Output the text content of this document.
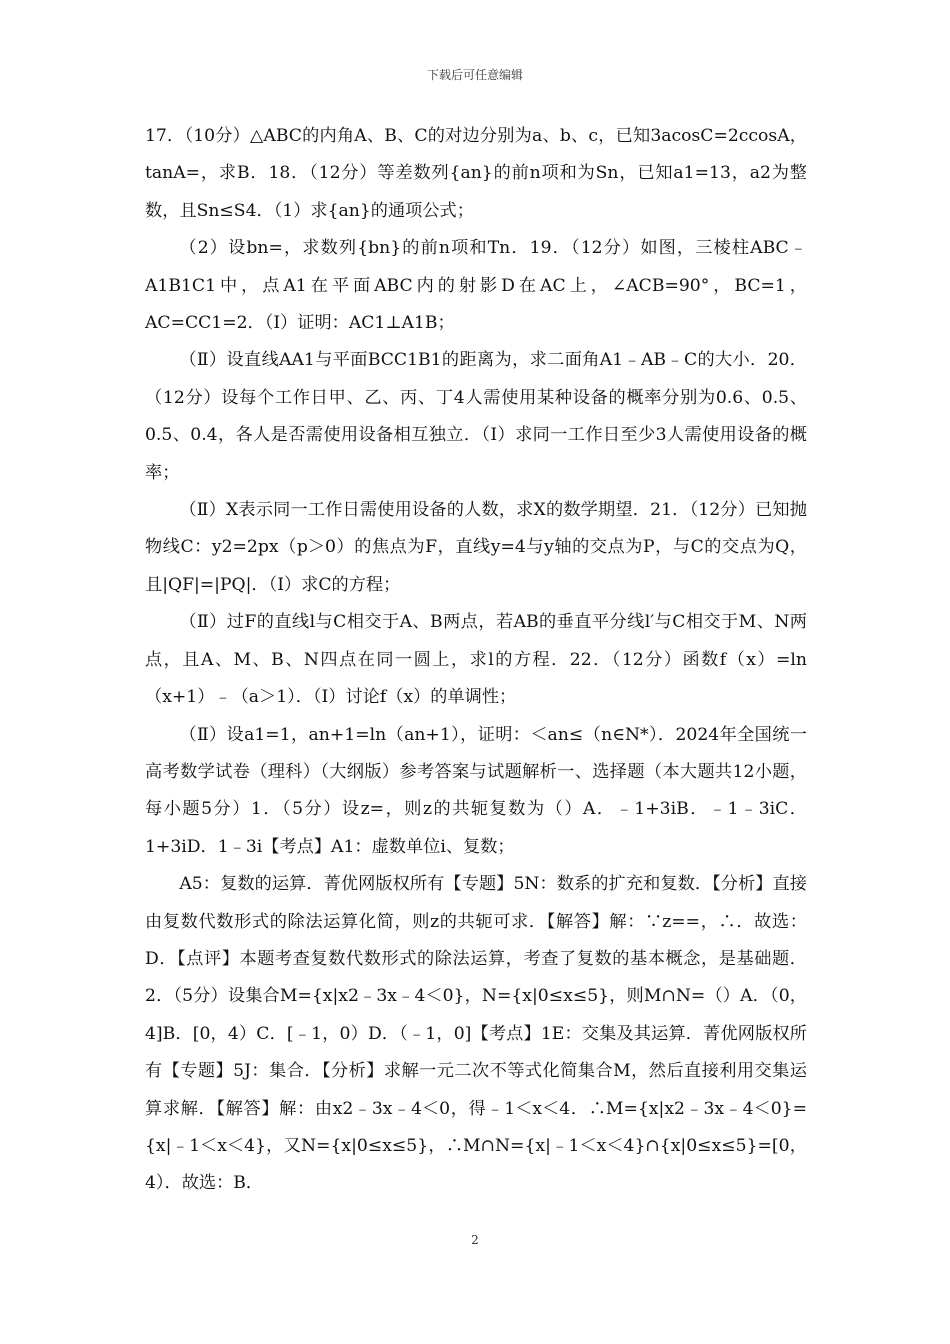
下载后可任意编辑

17．（10分）△ABC的内角A、B、C的对边分别为a、b、c，已知3acosC=2ccosA，tanA=，求B．18．（12分）等差数列{an}的前n项和为Sn，已知a1=13，a2为整数，且Sn≤S4．（1）求{an}的通项公式；

（2）设bn=，求数列{bn}的前n项和Tn．19．（12分）如图，三棱柱ABC﹣A1B1C1中，点A1在平面ABC内的射影D在AC上，∠ACB=90°，BC=1，AC=CC1=2．（Ⅰ）证明：AC1⊥A1B；

（Ⅱ）设直线AA1与平面BCC1B1的距离为，求二面角A1﹣AB﹣C的大小．20．（12分）设每个工作日甲、乙、丙、丁4人需使用某种设备的概率分别为0.6、0.5、0.5、0.4，各人是否需使用设备相互独立．（Ⅰ）求同一工作日至少3人需使用设备的概率；

（Ⅱ）X表示同一工作日需使用设备的人数，求X的数学期望．21．（12分）已知抛物线C：y2=2px（p＞0）的焦点为F，直线y=4与y轴的交点为P，与C的交点为Q，且|QF|=|PQ|．（Ⅰ）求C的方程；

（Ⅱ）过F的直线l与C相交于A、B两点，若AB的垂直平分线l′与C相交于M、N两点，且A、M、B、N四点在同一圆上，求l的方程．22．（12分）函数f（x）=ln（x+1）﹣（a＞1）．（Ⅰ）讨论f（x）的单调性；

（Ⅱ）设a1=1，an+1=ln（an+1），证明：＜an≤（n∈N*）．2024年全国统一高考数学试卷（理科）（大纲版）参考答案与试题解析一、选择题（本大题共12小题，每小题5分）1．（5分）设z=，则z的共轭复数为（）A．﹣1+3iB．﹣1﹣3iC．1+3iD．1﹣3i【考点】A1：虚数单位i、复数；

A5：复数的运算．菁优网版权所有【专题】5N：数系的扩充和复数．【分析】直接由复数代数形式的除法运算化简，则z的共轭可求．【解答】解：∵z==，∴．故选：D．【点评】本题考查复数代数形式的除法运算，考查了复数的基本概念，是基础题．2．（5分）设集合M={x|x2﹣3x﹣4＜0}，N={x|0≤x≤5}，则M∩N=（）A．（0，4]B．[0，4）C．[﹣1，0）D．（﹣1，0]【考点】1E：交集及其运算．菁优网版权所有【专题】5J：集合．【分析】求解一元二次不等式化简集合M，然后直接利用交集运算求解．【解答】解：由x2﹣3x﹣4＜0，得﹣1＜x＜4．∴M={x|x2﹣3x﹣4＜0}={x|﹣1＜x＜4}，又N={x|0≤x≤5}，∴M∩N={x|﹣1＜x＜4}∩{x|0≤x≤5}=[0，4）．故选：B．

2
